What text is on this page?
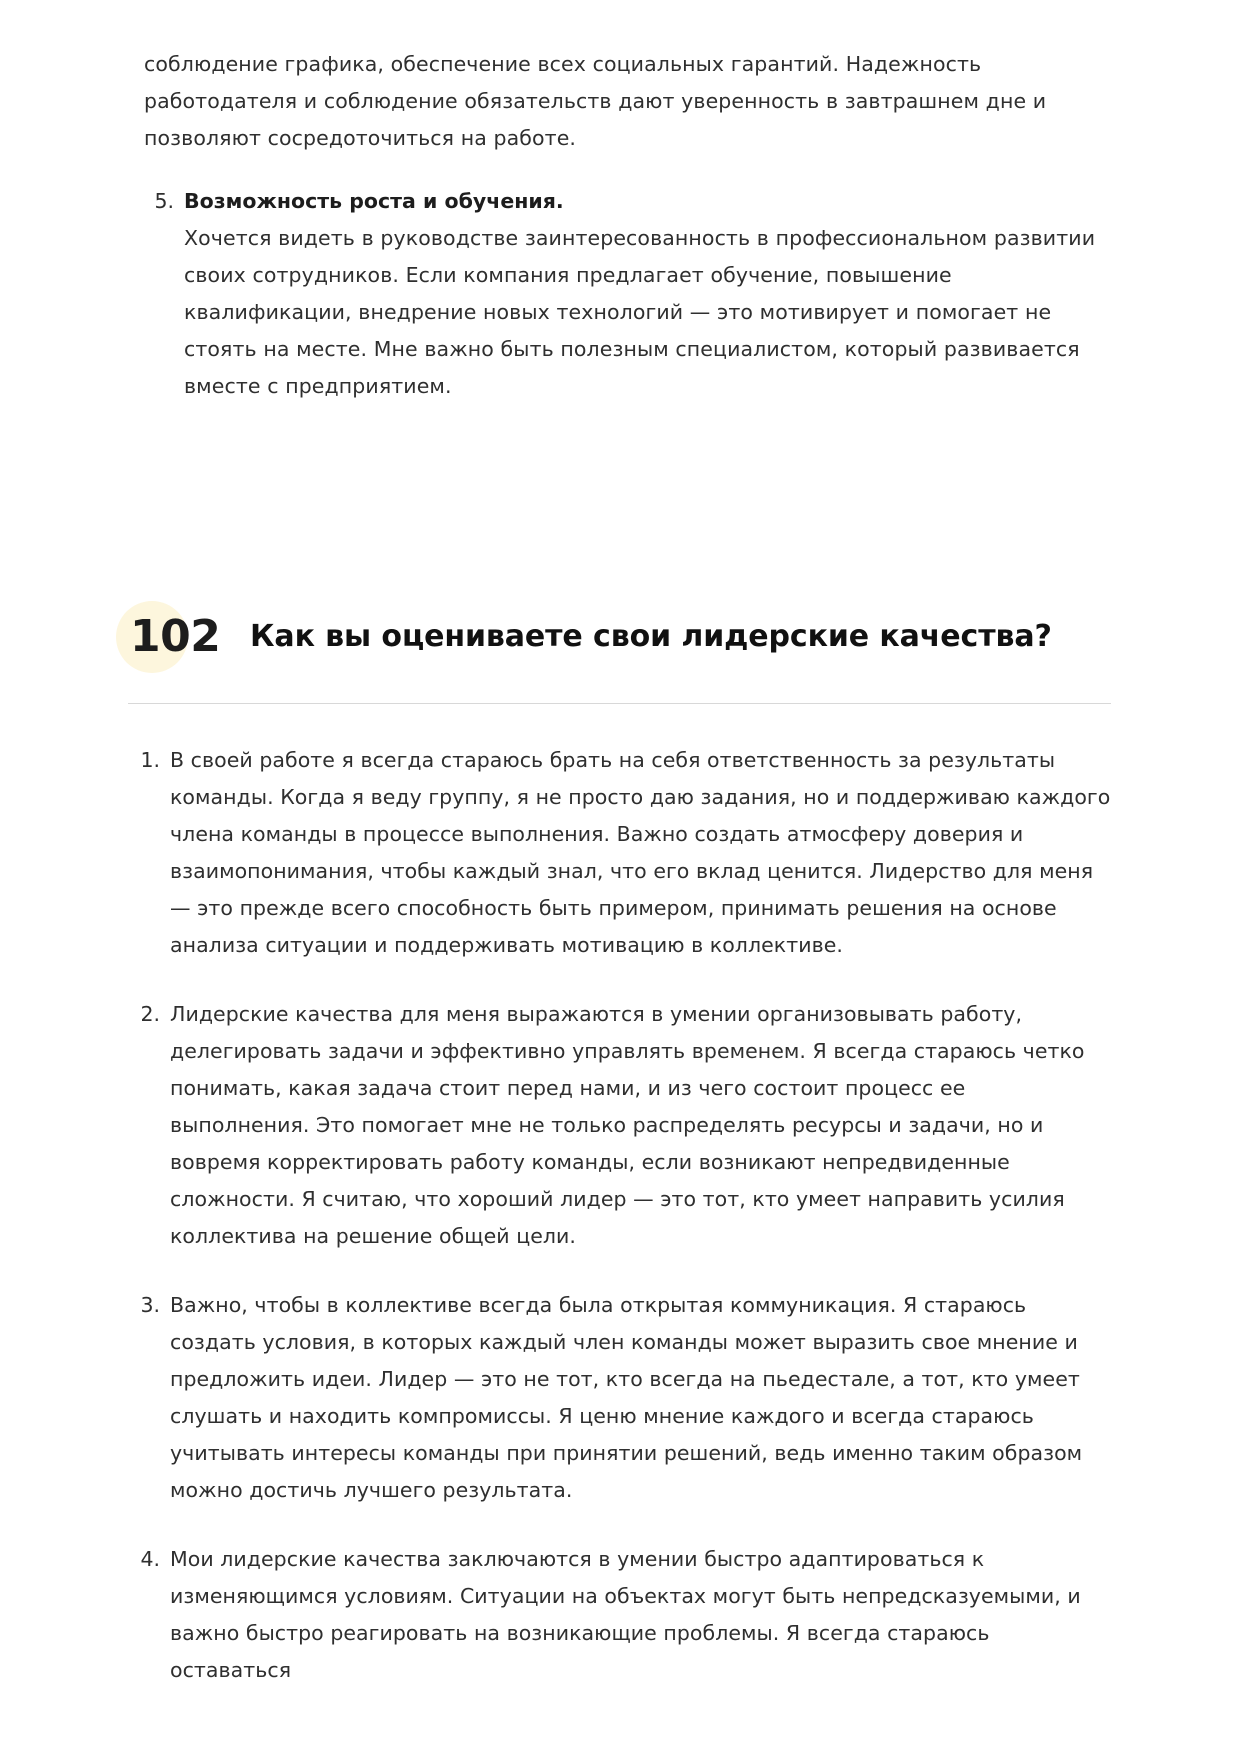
соблюдение графика, обеспечение всех социальных гарантий. Надежность работодателя и соблюдение обязательств дают уверенность в завтрашнем дне и позволяют сосредоточиться на работе.

5. Возможность роста и обучения.
Хочется видеть в руководстве заинтересованность в профессиональном развитии своих сотрудников. Если компания предлагает обучение, повышение квалификации, внедрение новых технологий — это мотивирует и помогает не стоять на месте. Мне важно быть полезным специалистом, который развивается вместе с предприятием.
102 Как вы оцениваете свои лидерские качества?
1. В своей работе я всегда стараюсь брать на себя ответственность за результаты команды. Когда я веду группу, я не просто даю задания, но и поддерживаю каждого члена команды в процессе выполнения. Важно создать атмосферу доверия и взаимопонимания, чтобы каждый знал, что его вклад ценится. Лидерство для меня — это прежде всего способность быть примером, принимать решения на основе анализа ситуации и поддерживать мотивацию в коллективе.
2. Лидерские качества для меня выражаются в умении организовывать работу, делегировать задачи и эффективно управлять временем. Я всегда стараюсь четко понимать, какая задача стоит перед нами, и из чего состоит процесс ее выполнения. Это помогает мне не только распределять ресурсы и задачи, но и вовремя корректировать работу команды, если возникают непредвиденные сложности. Я считаю, что хороший лидер — это тот, кто умеет направить усилия коллектива на решение общей цели.
3. Важно, чтобы в коллективе всегда была открытая коммуникация. Я стараюсь создать условия, в которых каждый член команды может выразить свое мнение и предложить идеи. Лидер — это не тот, кто всегда на пьедестале, а тот, кто умеет слушать и находить компромиссы. Я ценю мнение каждого и всегда стараюсь учитывать интересы команды при принятии решений, ведь именно таким образом можно достичь лучшего результата.
4. Мои лидерские качества заключаются в умении быстро адаптироваться к изменяющимся условиям. Ситуации на объектах могут быть непредсказуемыми, и важно быстро реагировать на возникающие проблемы. Я всегда стараюсь оставаться
